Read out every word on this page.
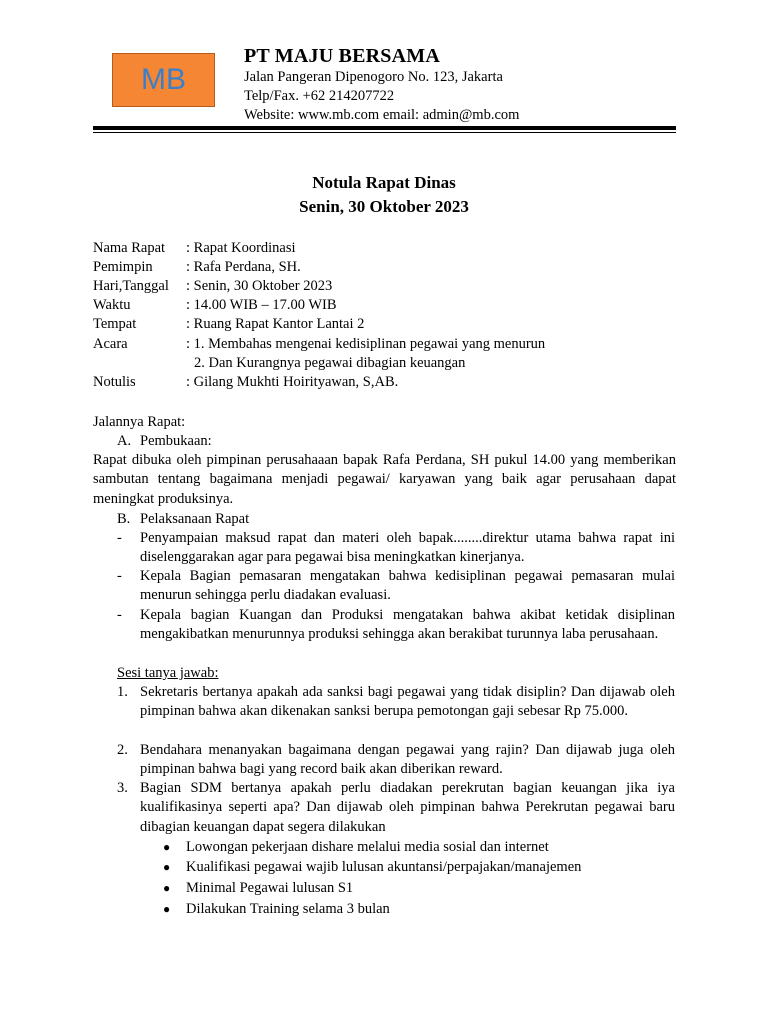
MB
PT MAJU BERSAMA
Jalan Pangeran Dipenogoro No. 123, Jakarta
Telp/Fax. +62 214207722
Website: www.mb.com email: admin@mb.com
Notula Rapat Dinas
Senin, 30 Oktober 2023
Nama Rapat : Rapat Koordinasi
Pemimpin : Rafa Perdana, SH.
Hari,Tanggal : Senin, 30 Oktober 2023
Waktu	: 14.00 WIB – 17.00 WIB
Tempat	: Ruang Rapat Kantor Lantai 2
Acara	: 1. Membahas mengenai kedisiplinan pegawai yang menurun
2. Dan Kurangnya pegawai dibagian keuangan
Notulis	: Gilang Mukhti Hoirityawan, S,AB.
Jalannya Rapat:
A. Pembukaan:
Rapat dibuka oleh pimpinan perusahaaan bapak Rafa Perdana, SH pukul 14.00 yang memberikan sambutan tentang bagaimana menjadi pegawai/ karyawan yang baik agar perusahaan dapat meningkat produksinya.
B. Pelaksanaan Rapat
- Penyampaian maksud rapat dan materi oleh bapak........direktur utama bahwa rapat ini diselenggarakan agar para pegawai bisa meningkatkan kinerjanya.
- Kepala Bagian pemasaran mengatakan bahwa kedisiplinan pegawai pemasaran mulai menurun sehingga perlu diadakan evaluasi.
- Kepala bagian Kuangan dan Produksi mengatakan bahwa akibat ketidak disiplinan mengakibatkan menurunnya produksi sehingga akan berakibat turunnya laba perusahaan.
Sesi tanya jawab:
1. Sekretaris bertanya apakah ada sanksi bagi pegawai yang tidak disiplin? Dan dijawab oleh pimpinan bahwa akan dikenakan sanksi berupa pemotongan gaji sebesar Rp 75.000.
2. Bendahara menanyakan bagaimana dengan pegawai yang rajin? Dan dijawab juga oleh pimpinan bahwa bagi yang record baik akan diberikan reward.
3. Bagian SDM bertanya apakah perlu diadakan perekrutan bagian keuangan jika iya kualifikasinya seperti apa? Dan dijawab oleh pimpinan bahwa Perekrutan pegawai baru dibagian keuangan dapat segera dilakukan
● Lowongan pekerjaan dishare melalui media sosial dan internet
● Kualifikasi pegawai wajib lulusan akuntansi/perpajakan/manajemen
● Minimal Pegawai lulusan S1
● Dilakukan Training selama 3 bulan
